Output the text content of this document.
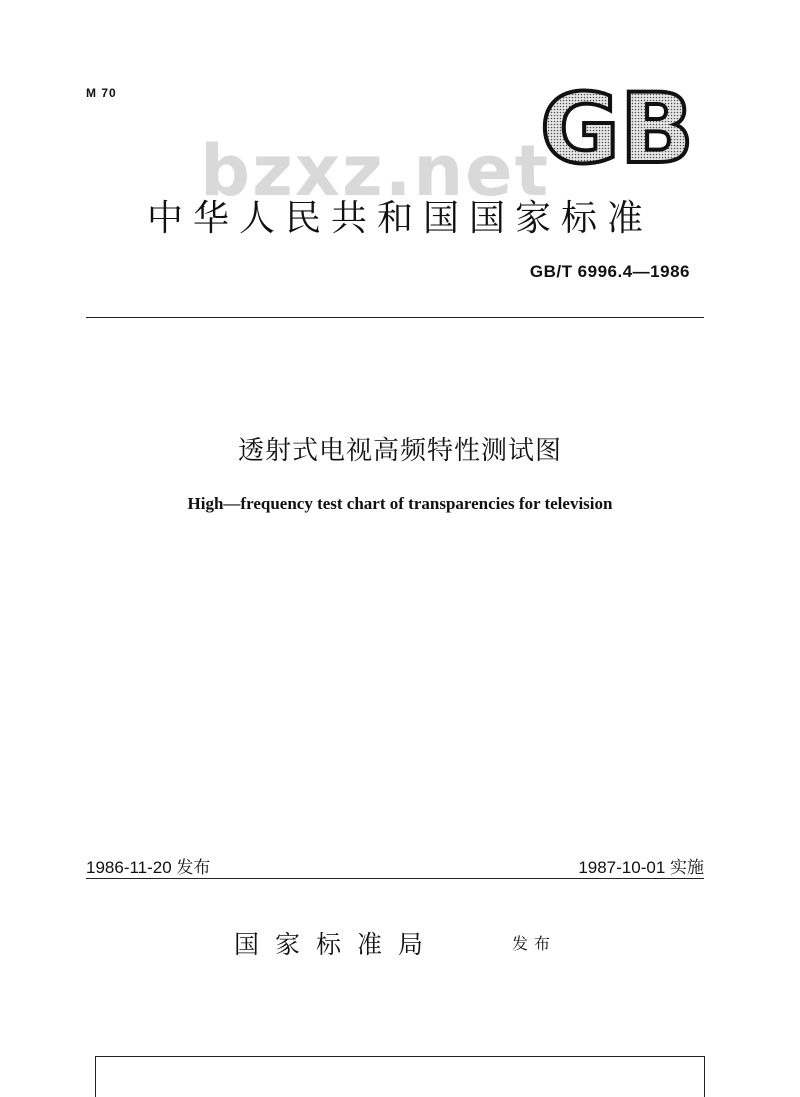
M 70	GB
bzxz.net
中华人民共和国国家标准
GB/T 6996.4—1986
透射式电视高频特性测试图
High—frequency test chart of transparencies for television
1986-11-20 发布	1987-10-01 实施
国家标准局	发布
